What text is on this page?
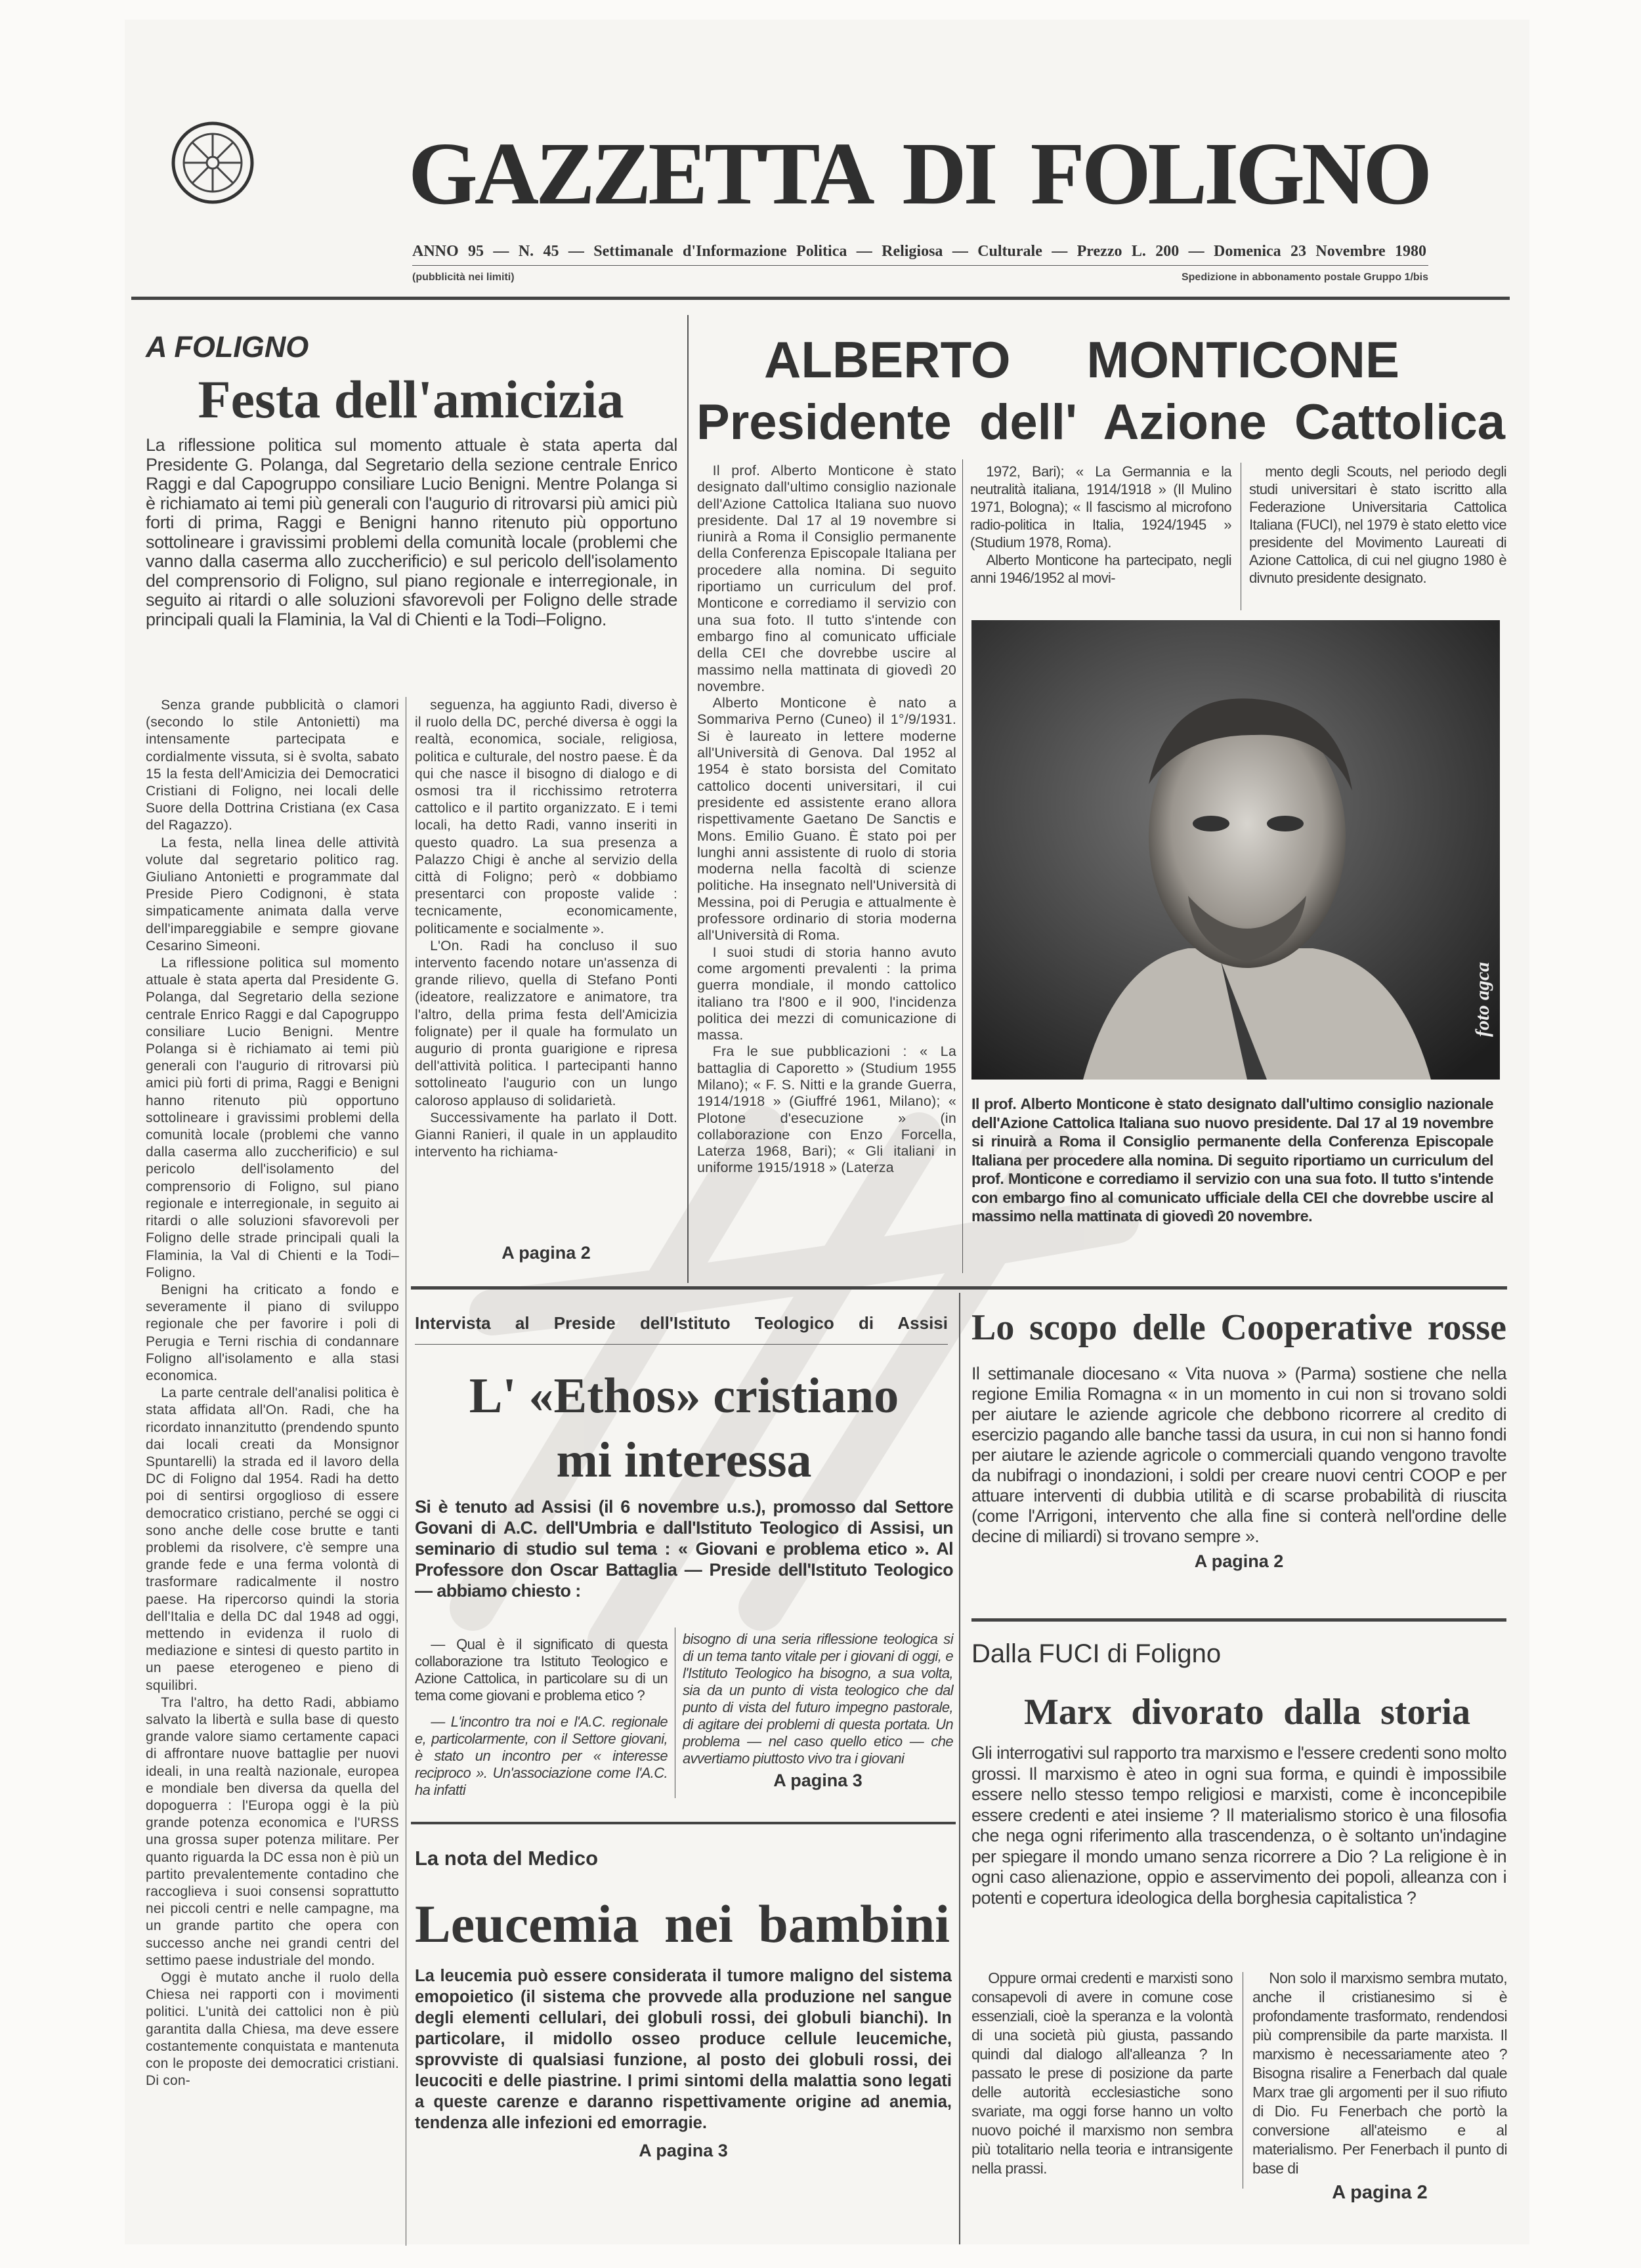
GAZZETTA DI FOLIGNO
ANNO 95 — N. 45 — Settimanale d'Informazione Politica — Religiosa — Culturale — Prezzo L. 200 — Domenica 23 Novembre 1980
(pubblicità nei limiti)	Spedizione in abbonamento postale Gruppo 1/bis
A FOLIGNO
Festa dell'amicizia

La riflessione politica sul momento attuale è stata aperta dal Presidente G. Polanga, dal Segretario della sezione centrale Enrico Raggi e dal Capogruppo consiliare Lucio Benigni. Mentre Polanga si è richiamato ai temi più generali con l'augurio di ritrovarsi più amici più forti di prima, Raggi e Benigni hanno ritenuto più opportuno sottolineare i gravissimi problemi della comunità locale (problemi che vanno dalla caserma allo zuccherificio) e sul pericolo dell'isolamento del comprensorio di Foligno, sul piano regionale e interregionale, in seguito ai ritardi o alle soluzioni sfavorevoli per Foligno delle strade principali quali la Flaminia, la Val di Chienti e la Todi–Foligno.

Senza grande pubblicità o clamori (secondo lo stile Antonietti) ma intensamente partecipata e cordialmente vissuta, si è svolta, sabato 15 la festa dell'Amicizia dei Democratici Cristiani di Foligno, nei locali delle Suore della Dottrina Cristiana (ex Casa del Ragazzo).

La festa, nella linea delle attività volute dal segretario politico rag. Giuliano Antonietti e programmate dal Preside Piero Codignoni, è stata simpaticamente animata dalla verve dell'impareggiabile e sempre giovane Cesarino Simeoni.

La riflessione politica sul momento attuale è stata aperta dal Presidente G. Polanga, dal Segretario della sezione centrale Enrico Raggi e dal Capogruppo consiliare Lucio Benigni. Mentre Polanga si è richiamato ai temi più generali con l'augurio di ritrovarsi più amici più forti di prima, Raggi e Benigni hanno ritenuto più opportuno sottolineare i gravissimi problemi della comunità locale (problemi che vanno dalla caserma allo zuccherificio) e sul pericolo dell'isolamento del comprensorio di Foligno, sul piano regionale e interregionale, in seguito ai ritardi o alle soluzioni sfavorevoli per Foligno delle strade principali quali la Flaminia, la Val di Chienti e la Todi–Foligno.

Benigni ha criticato a fondo e severamente il piano di sviluppo regionale che per favorire i poli di Perugia e Terni rischia di condannare Foligno all'isolamento e alla stasi economica.

La parte centrale dell'analisi politica è stata affidata all'On. Radi, che ha ricordato innanzitutto (prendendo spunto dai locali creati da Monsignor Spuntarelli) la strada ed il lavoro della DC di Foligno dal 1954. Radi ha detto poi di sentirsi orgoglioso di essere democratico cristiano, perché se oggi ci sono anche delle cose brutte e tanti problemi da risolvere, c'è sempre una grande fede e una ferma volontà di trasformare radicalmente il nostro paese. Ha ripercorso quindi la storia dell'Italia e della DC dal 1948 ad oggi, mettendo in evidenza il ruolo di mediazione e sintesi di questo partito in un paese eterogeneo e pieno di squilibri.

Tra l'altro, ha detto Radi, abbiamo salvato la libertà e sulla base di questo grande valore siamo certamente capaci di affrontare nuove battaglie per nuovi ideali, in una realtà nazionale, europea e mondiale ben diversa da quella del dopoguerra : l'Europa oggi è la più grande potenza economica e l'URSS una grossa super potenza militare. Per quanto riguarda la DC essa non è più un partito prevalentemente contadino che raccoglieva i suoi consensi soprattutto nei piccoli centri e nelle campagne, ma un grande partito che opera con successo anche nei grandi centri del settimo paese industriale del mondo.

Oggi è mutato anche il ruolo della Chiesa nei rapporti con i movimenti politici. L'unità dei cattolici non è più garantita dalla Chiesa, ma deve essere costantemente conquistata e mantenuta con le proposte dei democratici cristiani. Di con-

seguenza, ha aggiunto Radi, diverso è il ruolo della DC, perché diversa è oggi la realtà, economica, sociale, religiosa, politica e culturale, del nostro paese. È da qui che nasce il bisogno di dialogo e di osmosi tra il ricchissimo retroterra cattolico e il partito organizzato. E i temi locali, ha detto Radi, vanno inseriti in questo quadro. La sua presenza a Palazzo Chigi è anche al servizio della città di Foligno; però « dobbiamo presentarci con proposte valide : tecnicamente, economicamente, politicamente e socialmente ».

L'On. Radi ha concluso il suo intervento facendo notare un'assenza di grande rilievo, quella di Stefano Ponti (ideatore, realizzatore e animatore, tra l'altro, della prima festa dell'Amicizia folignate) per il quale ha formulato un augurio di pronta guarigione e ripresa dell'attività politica. I partecipanti hanno sottolineato l'augurio con un lungo caloroso applauso di solidarietà.

Successivamente ha parlato il Dott. Gianni Ranieri, il quale in un applaudito intervento ha richiama-

A pagina 2
ALBERTO MONTICONE
Presidente dell' Azione Cattolica

Il prof. Alberto Monticone è stato designato dall'ultimo consiglio nazionale dell'Azione Cattolica Italiana suo nuovo presidente. Dal 17 al 19 novembre si riunirà a Roma il Consiglio permanente della Conferenza Episcopale Italiana per procedere alla nomina. Di seguito riportiamo un curriculum del prof. Monticone e corrediamo il servizio con una sua foto. Il tutto s'intende con embargo fino al comunicato ufficiale della CEI che dovrebbe uscire al massimo nella mattinata di giovedì 20 novembre.

Alberto Monticone è nato a Sommariva Perno (Cuneo) il 1°/9/1931. Si è laureato in lettere moderne all'Università di Genova. Dal 1952 al 1954 è stato borsista del Comitato cattolico docenti universitari, il cui presidente ed assistente erano allora rispettivamente Gaetano De Sanctis e Mons. Emilio Guano. È stato poi per lunghi anni assistente di ruolo di storia moderna nella facoltà di scienze politiche. Ha insegnato nell'Università di Messina, poi di Perugia e attualmente è professore ordinario di storia moderna all'Università di Roma.

I suoi studi di storia hanno avuto come argomenti prevalenti : la prima guerra mondiale, il mondo cattolico italiano tra l'800 e il 900, l'incidenza politica dei mezzi di comunicazione di massa.

Fra le sue pubblicazioni : « La battaglia di Caporetto » (Studium 1955 Milano); « F. S. Nitti e la grande Guerra, 1914/1918 » (Giuffré 1961, Milano); « Plotone d'esecuzione » (in collaborazione con Enzo Forcella, Laterza 1968, Bari); « Gli italiani in uniforme 1915/1918 » (Laterza

1972, Bari); « La Germannia e la neutralità italiana, 1914/1918 » (Il Mulino 1971, Bologna); « Il fascismo al microfono radio-politica in Italia, 1924/1945 » (Studium 1978, Roma).

Alberto Monticone ha partecipato, negli anni 1946/1952 al movi-

mento degli Scouts, nel periodo degli studi universitari è stato iscritto alla Federazione Universitaria Cattolica Italiana (FUCI), nel 1979 è stato eletto vice presidente del Movimento Laureati di Azione Cattolica, di cui nel giugno 1980 è divnuto presidente designato.

foto agca

Il prof. Alberto Monticone è stato designato dall'ultimo consiglio nazionale dell'Azione Cattolica Italiana suo nuovo presidente. Dal 17 al 19 novembre si rinuirà a Roma il Consiglio permanente della Conferenza Episcopale Italiana per procedere alla nomina. Di seguito riportiamo un curriculum del prof. Monticone e corrediamo il servizio con una sua foto. Il tutto s'intende con embargo fino al comunicato ufficiale della CEI che dovrebbe uscire al massimo nella mattinata di giovedì 20 novembre.

Intervista al Preside dell'Istituto Teologico di Assisi
L' «Ethos» cristiano
mi interessa

Si è tenuto ad Assisi (il 6 novembre u.s.), promosso dal Settore Govani di A.C. dell'Umbria e dall'Istituto Teologico di Assisi, un seminario di studio sul tema : « Giovani e problema etico ». Al Professore don Oscar Battaglia — Preside dell'Istituto Teologico — abbiamo chiesto :

— Qual è il significato di questa collaborazione tra Istituto Teologico e Azione Cattolica, in particolare su di un tema come giovani e problema etico ?

— L'incontro tra noi e l'A.C. regionale e, particolarmente, con il Settore giovani, è stato un incontro per « interesse reciproco ». Un'associazione come l'A.C. ha infatti

bisogno di una seria riflessione teologica si di un tema tanto vitale per i giovani di oggi, e l'Istituto Teologico ha bisogno, a sua volta, sia da un punto di vista teologico che dal punto di vista del futuro impegno pastorale, di agitare dei problemi di questa portata. Un problema — nel caso quello etico — che avvertiamo piuttosto vivo tra i giovani

A pagina 3
La nota del Medico
Leucemia nei bambini

La leucemia può essere considerata il tumore maligno del sistema emopoietico (il sistema che provvede alla produzione nel sangue degli elementi cellulari, dei globuli rossi, dei globuli bianchi). In particolare, il midollo osseo produce cellule leucemiche, sprovviste di qualsiasi funzione, al posto dei globuli rossi, dei leucociti e delle piastrine. I primi sintomi della malattia sono legati a queste carenze e daranno rispettivamente origine ad anemia, tendenza alle infezioni ed emorragie.

A pagina 3
Lo scopo delle Cooperative rosse

Il settimanale diocesano « Vita nuova » (Parma) sostiene che nella regione Emilia Romagna « in un momento in cui non si trovano soldi per aiutare le aziende agricole che debbono ricorrere al credito di esercizio pagando alle banche tassi da usura, in cui non si hanno fondi per aiutare le aziende agricole o commerciali quando vengono travolte da nubifragi o inondazioni, i soldi per creare nuovi centri COOP e per attuare interventi di dubbia utilità e di scarse probabilità di riuscita (come l'Arrigoni, intervento che alla fine si conterà nell'ordine delle decine di miliardi) si trovano sempre ».

A pagina 2
Dalla FUCI di Foligno
Marx divorato dalla storia

Gli interrogativi sul rapporto tra marxismo e l'essere credenti sono molto grossi. Il marxismo è ateo in ogni sua forma, e quindi è impossibile essere nello stesso tempo religiosi e marxisti, come è inconcepibile essere credenti e atei insieme ? Il materialismo storico è una filosofia che nega ogni riferimento alla trascendenza, o è soltanto un'indagine per spiegare il mondo umano senza ricorrere a Dio ? La religione è in ogni caso alienazione, oppio e asservimento dei popoli, alleanza con i potenti e copertura ideologica della borghesia capitalistica ?

Oppure ormai credenti e marxisti sono consapevoli di avere in comune cose essenziali, cioè la speranza e la volontà di una società più giusta, passando quindi dal dialogo all'alleanza ? In passato le prese di posizione da parte delle autorità ecclesiastiche sono svariate, ma oggi forse hanno un volto nuovo poiché il marxismo non sembra più totalitario nella teoria e intransigente nella prassi.

Non solo il marxismo sembra mutato, anche il cristianesimo si è profondamente trasformato, rendendosi più comprensibile da parte marxista. Il marxismo è necessariamente ateo ? Bisogna risalire a Fenerbach dal quale Marx trae gli argomenti per il suo rifiuto di Dio. Fu Fenerbach che portò la conversione all'ateismo e al materialismo. Per Fenerbach il punto di base di

A pagina 2
